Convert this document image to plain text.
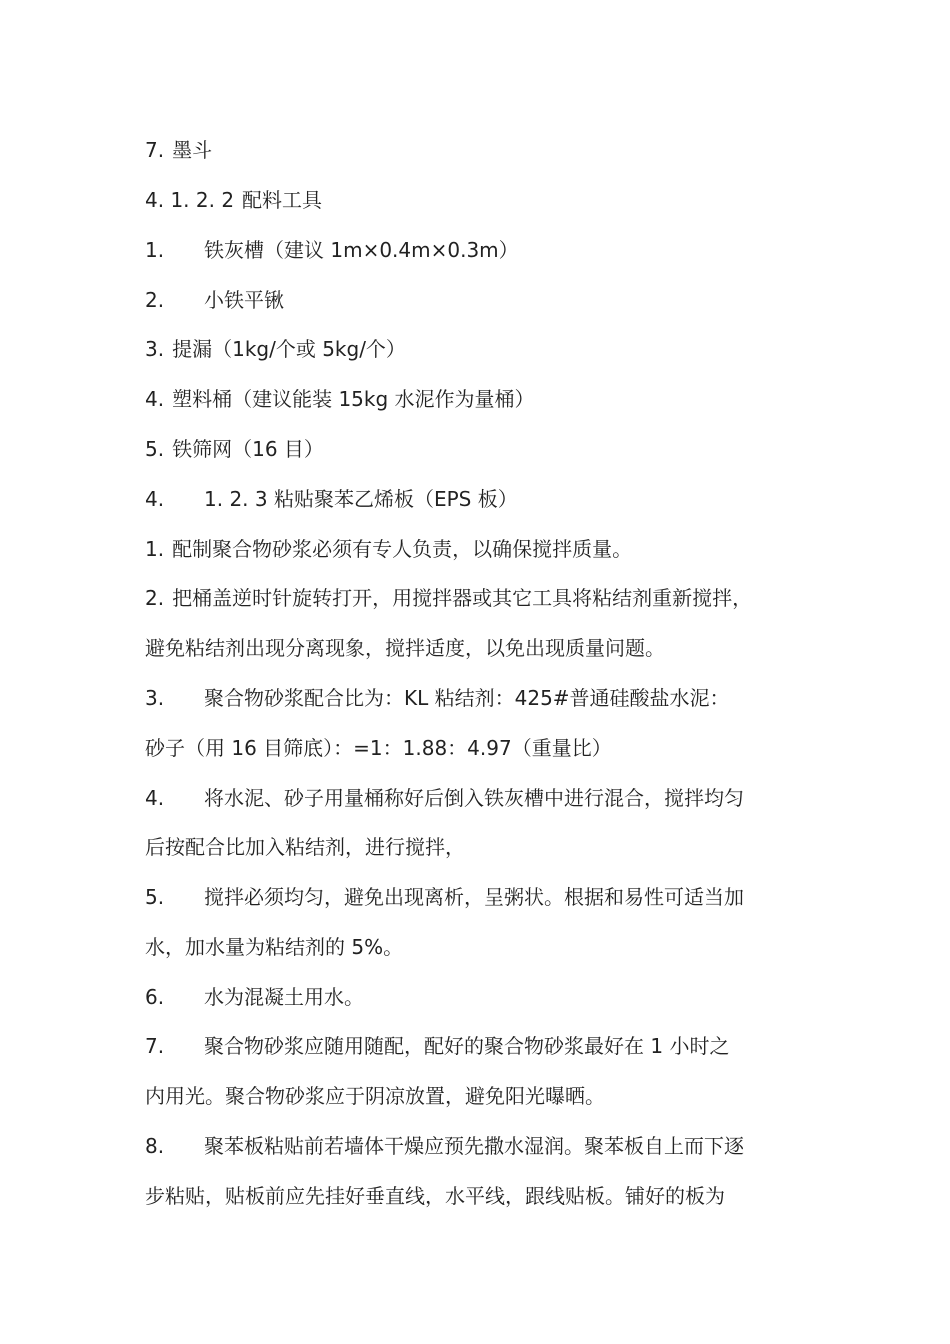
7. 墨斗
4. 1. 2. 2 配料工具
1. 铁灰槽（建议 1m×0.4m×0.3m）
2. 小铁平锹
3. 提漏（1kg/个或 5kg/个）
4. 塑料桶（建议能装 15kg 水泥作为量桶）
5. 铁筛网（16 目）
4. 1. 2. 3 粘贴聚苯乙烯板（EPS 板）
1. 配制聚合物砂浆必须有专人负责，以确保搅拌质量。
2. 把桶盖逆时针旋转打开，用搅拌器或其它工具将粘结剂重新搅拌，
避免粘结剂出现分离现象，搅拌适度，以免出现质量问题。
3. 聚合物砂浆配合比为：KL 粘结剂：425#普通硅酸盐水泥：
砂子（用 16 目筛底）：=1：1.88：4.97（重量比）
4. 将水泥、砂子用量桶称好后倒入铁灰槽中进行混合，搅拌均匀
后按配合比加入粘结剂，进行搅拌，
5. 搅拌必须均匀，避免出现离析，呈粥状。根据和易性可适当加
水，加水量为粘结剂的 5%。
6. 水为混凝土用水。
7. 聚合物砂浆应随用随配，配好的聚合物砂浆最好在 1 小时之
内用光。聚合物砂浆应于阴凉放置，避免阳光曝晒。
8. 聚苯板粘贴前若墙体干燥应预先撒水湿润。聚苯板自上而下逐
步粘贴，贴板前应先挂好垂直线，水平线，跟线贴板。铺好的板为
